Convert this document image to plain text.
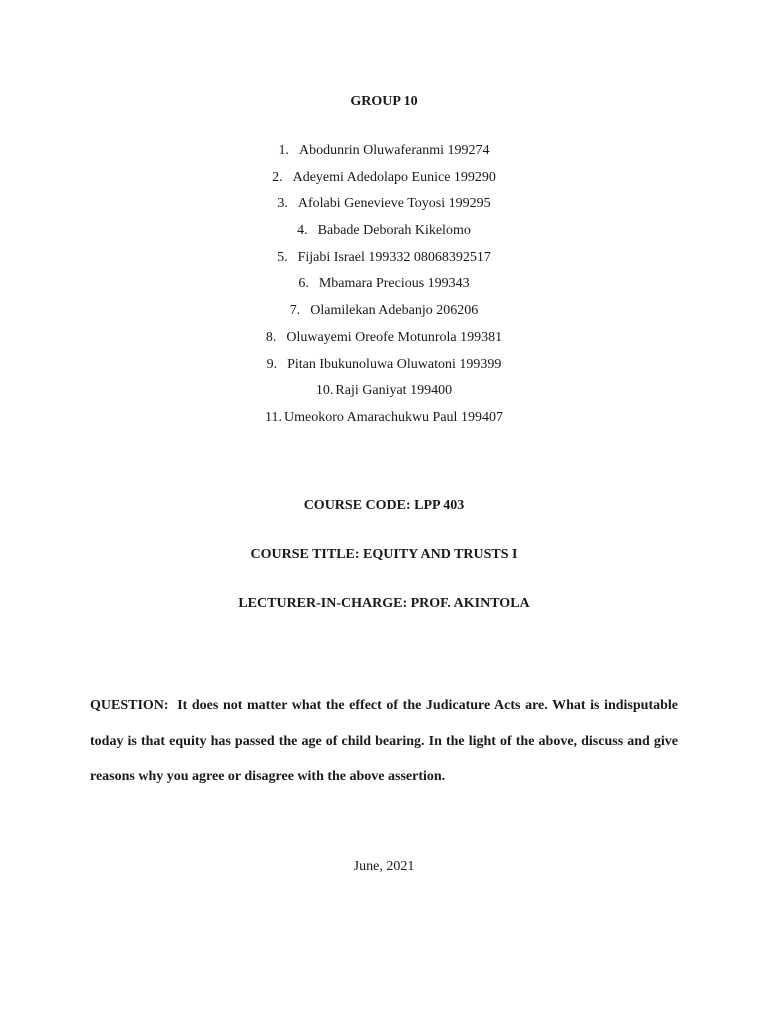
GROUP 10
1. Abodunrin Oluwaferanmi 199274
2. Adeyemi Adedolapo Eunice 199290
3. Afolabi Genevieve Toyosi 199295
4. Babade Deborah Kikelomo
5. Fijabi Israel 199332 08068392517
6. Mbamara Precious 199343
7. Olamilekan Adebanjo 206206
8. Oluwayemi Oreofe Motunrola 199381
9. Pitan Ibukunoluwa Oluwatoni 199399
10. Raji Ganiyat 199400
11. Umeokoro Amarachukwu Paul 199407
COURSE CODE: LPP 403
COURSE TITLE: EQUITY AND TRUSTS I
LECTURER-IN-CHARGE: PROF. AKINTOLA
QUESTION: It does not matter what the effect of the Judicature Acts are. What is indisputable today is that equity has passed the age of child bearing. In the light of the above, discuss and give reasons why you agree or disagree with the above assertion.
June, 2021
